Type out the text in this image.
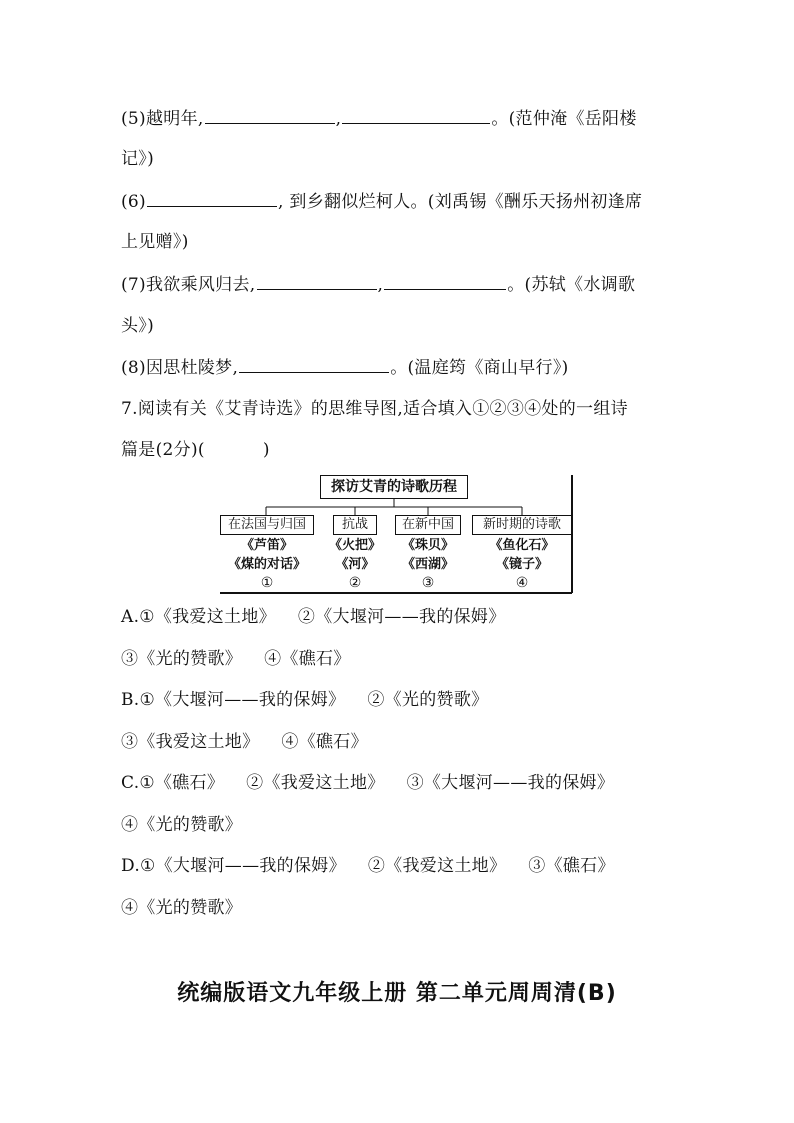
(5)越明年,	,	。(范仲淹《岳阳楼
记》)
(6)	, 到乡翻似烂柯人。(刘禹锡《酬乐天扬州初逢席
上见赠》)
(7)我欲乘风归去,	,	。(苏轼《水调歌
头》)
(8)因思杜陵梦,	。(温庭筠《商山早行》)
7.阅读有关《艾青诗选》的思维导图,适合填入①②③④处的一组诗
篇是(2分)(	)
探访艾青的诗歌历程
在法国与归国	抗战	在新中国	新时期的诗歌
《芦笛》
《煤的对话》
①
《火把》
《河》
②
《珠贝》
《西湖》
③
《鱼化石》
《镜子》
④
A.①《我爱这土地》 ②《大堰河——我的保姆》
③《光的赞歌》 ④《礁石》
B.①《大堰河——我的保姆》 ②《光的赞歌》
③《我爱这土地》 ④《礁石》
C.①《礁石》 ②《我爱这土地》 ③《大堰河——我的保姆》
④《光的赞歌》
D.①《大堰河——我的保姆》 ②《我爱这土地》 ③《礁石》
④《光的赞歌》
统编版语文九年级上册 第二单元周周清(B)
